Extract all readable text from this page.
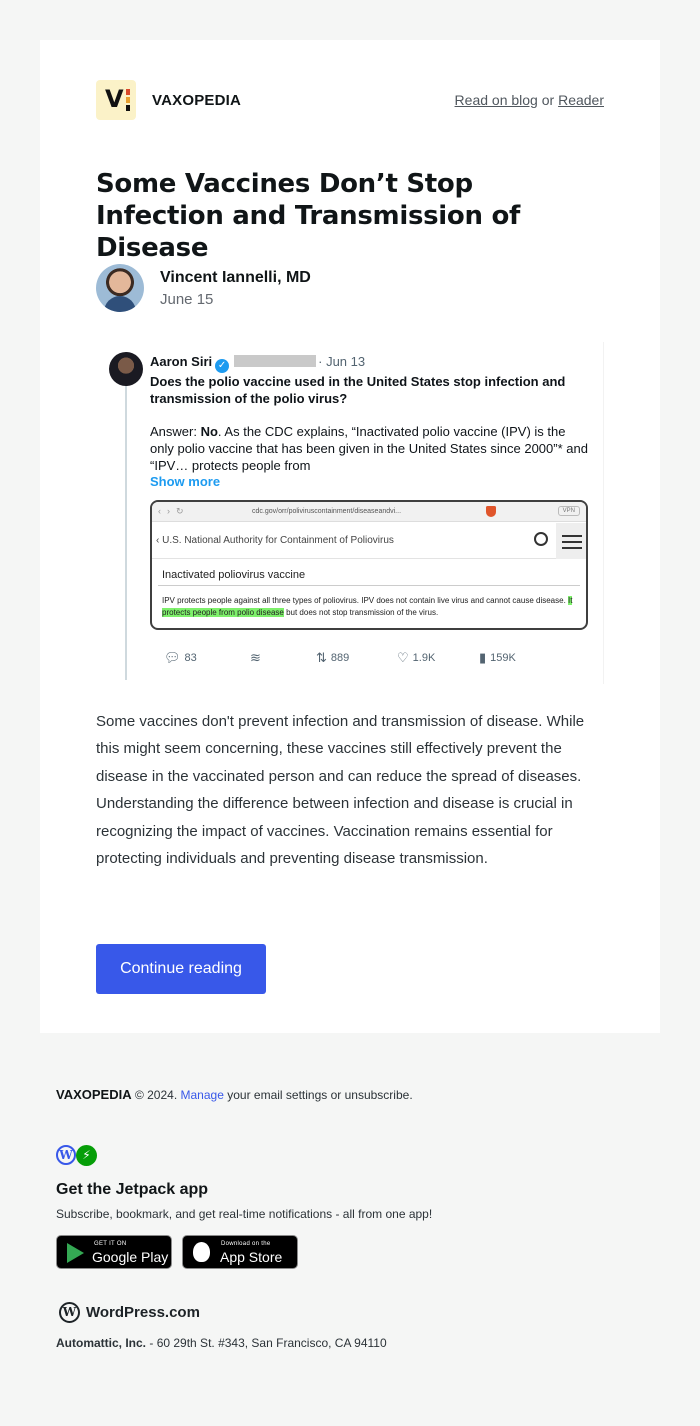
V VAXOPEDIA	Read on blog or Reader
Some Vaccines Don’t Stop Infection and Transmission of Disease
Vincent Iannelli, MD
June 15
Aaron Siri ✓	· Jun 13
Does the polio vaccine used in the United States stop infection and transmission of the polio virus?
Answer: No. As the CDC explains, “Inactivated polio vaccine (IPV) is the only polio vaccine that has been given in the United States since 2000”* and “IPV… protects people from
Show more
‹›↻	cdc.gov/orr/poliviruscontainment/diseaseandvi...	VPN
‹ U.S. National Authority for Containment of Poliovirus
Inactivated poliovirus vaccine
IPV protects people against all three types of poliovirus. IPV does not contain live virus and cannot cause disease. It protects people from polio disease but does not stop transmission of the virus.
💬︎ 83	≋	⇅ 889	♡ 1.9K	▮ 159K

Some vaccines don't prevent infection and transmission of disease. While this might seem concerning, these vaccines still effectively prevent the disease in the vaccinated person and can reduce the spread of diseases. Understanding the difference between infection and disease is crucial in recognizing the impact of vaccines. Vaccination remains essential for protecting individuals and preventing disease transmission.

Continue reading
VAXOPEDIA © 2024. Manage your email settings or unsubscribe.
W ⚡︎
Get the Jetpack app
Subscribe, bookmark, and get real-time notifications - all from one app!
GET IT ON
Google Play
Download on the
App Store
W WordPress.com
Automattic, Inc. - 60 29th St. #343, San Francisco, CA 94110
